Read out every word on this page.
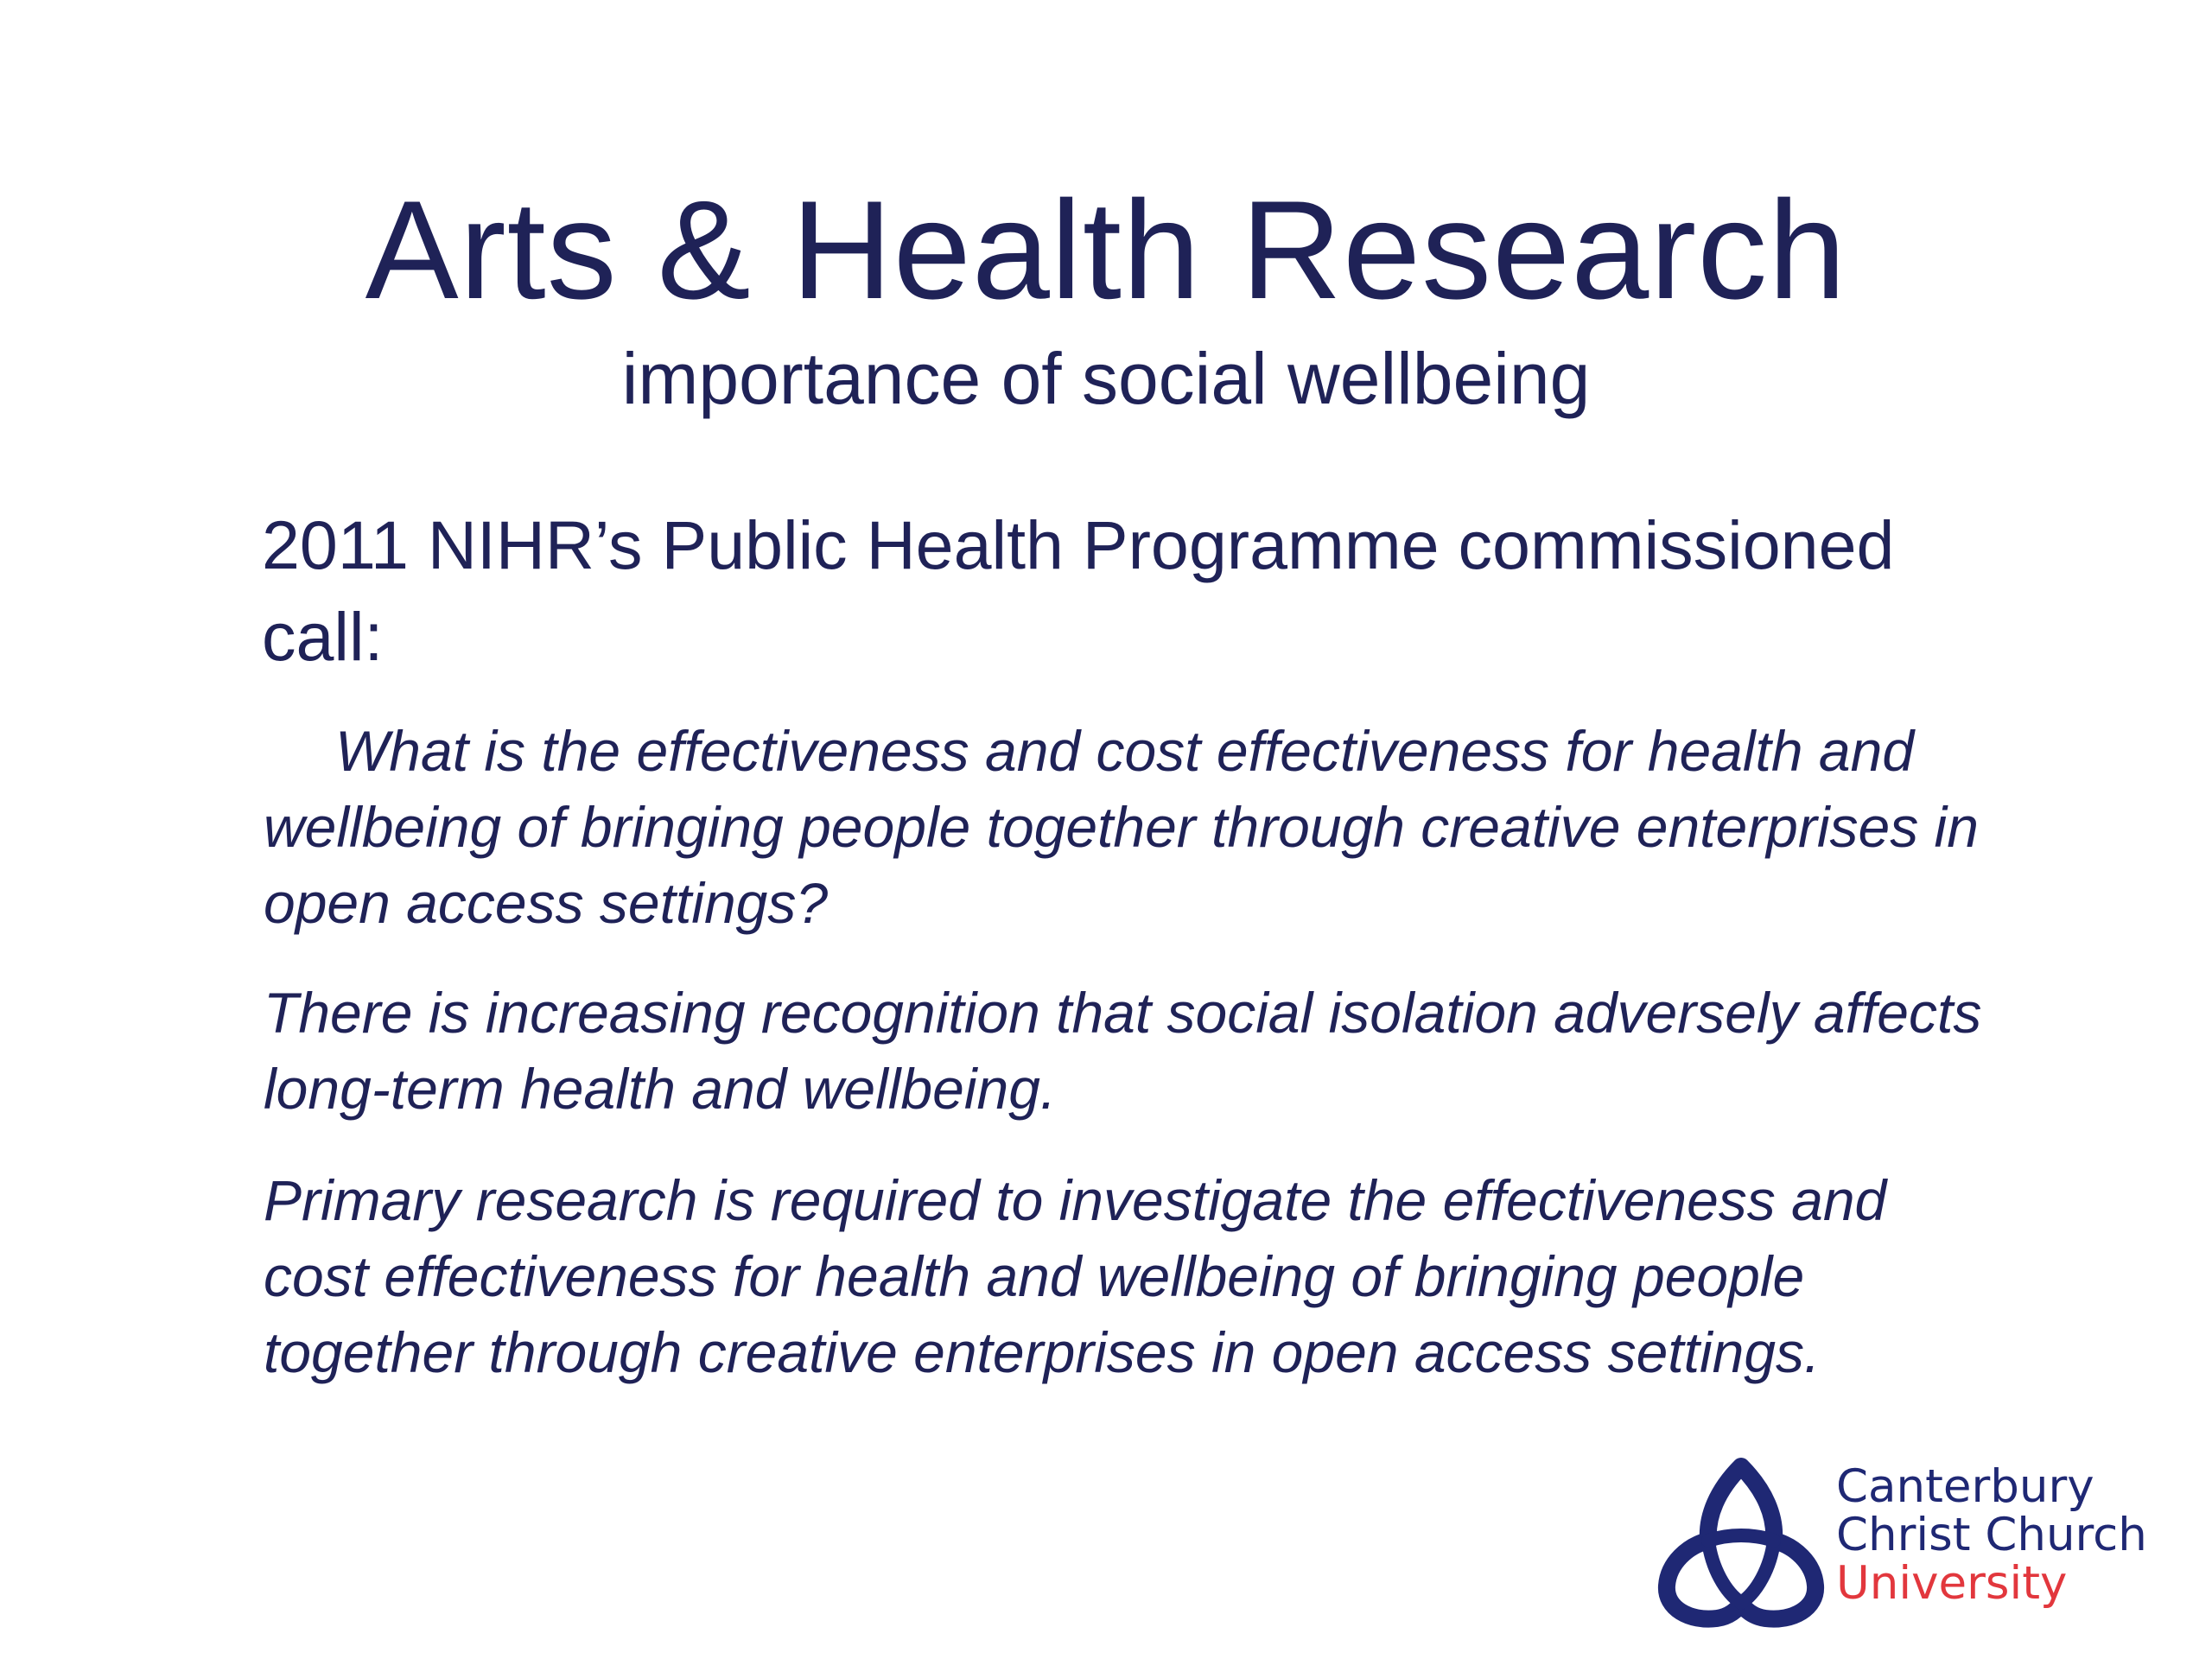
Arts & Health Research
importance of social wellbeing
2011 NIHR’s Public Health Programme commissioned call:
What is the effectiveness and cost effectiveness for health and wellbeing of bringing people together through creative enterprises in open access settings?
There is increasing recognition that social isolation adversely affects long-term health and wellbeing.
Primary research is required to investigate the effectiveness and cost effectiveness for health and wellbeing of bringing people together through creative enterprises in open access settings.
Canterbury
Christ Church
University
